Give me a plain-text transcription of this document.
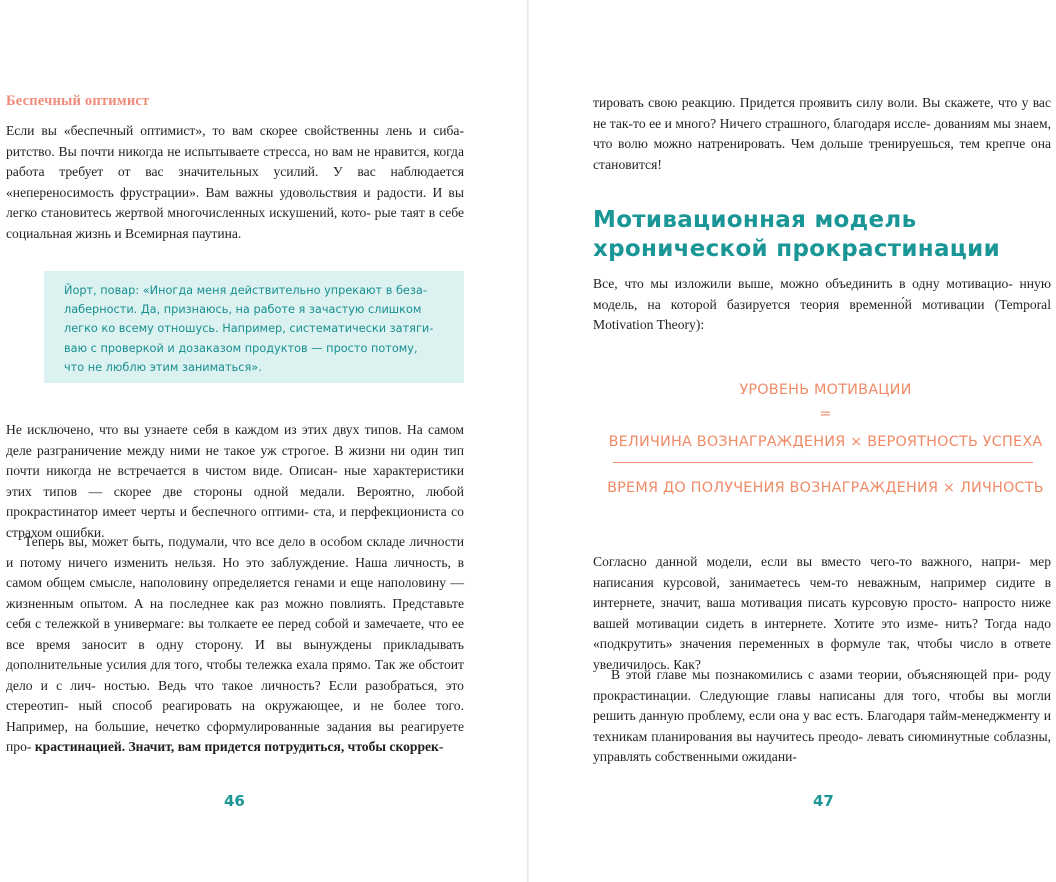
Беспечный оптимист

Если вы «беспечный оптимист», то вам скорее свойственны лень и сиба- ритство. Вы почти никогда не испытываете стресса, но вам не нравится, когда работа требует от вас значительных усилий. У вас наблюдается «непереносимость фрустрации». Вам важны удовольствия и радости. И вы легко становитесь жертвой многочисленных искушений, кото- рые таят в себе социальная жизнь и Всемирная паутина.

Йорт, повар: «Иногда меня действительно упрекают в беза-
лаберности. Да, признаюсь, на работе я зачастую слишком
легко ко всему отношусь. Например, систематически затяги-
ваю с проверкой и дозаказом продуктов — просто потому,
что не люблю этим заниматься».

Не исключено, что вы узнаете себя в каждом из этих двух типов. На самом деле разграничение между ними не такое уж строгое. В жизни ни один тип почти никогда не встречается в чистом виде. Описан- ные характеристики этих типов — скорее две стороны одной медали. Вероятно, любой прокрастинатор имеет черты и беспечного оптими- ста, и перфекциониста со страхом ошибки.

Теперь вы, может быть, подумали, что все дело в особом складе личности и потому ничего изменить нельзя. Но это заблуждение. Наша личность, в самом общем смысле, наполовину определяется генами и еще наполовину — жизненным опытом. А на последнее как раз можно повлиять. Представьте себя с тележкой в универмаге: вы толкаете ее перед собой и замечаете, что ее все время заносит в одну сторону. И вы вынуждены прикладывать дополнительные усилия для того, чтобы тележка ехала прямо. Так же обстоит дело и с лич- ностью. Ведь что такое личность? Если разобраться, это стереотип- ный способ реагировать на окружающее, и не более того. Например, на большие, нечетко сформулированные задания вы реагируете про- крастинацией. Значит, вам придется потрудиться, чтобы скоррек-

46

тировать свою реакцию. Придется проявить силу воли. Вы скажете, что у вас не так-то ее и много? Ничего страшного, благодаря иссле- дованиям мы знаем, что волю можно натренировать. Чем дольше тренируешься, тем крепче она становится!

Мотивационная модель
хронической прокрастинации

Все, что мы изложили выше, можно объединить в одну мотивацио- нную модель, на которой базируется теория временно́й мотивации (Temporal Motivation Theory):

УРОВЕНЬ МОТИВАЦИИ

=

ВЕЛИЧИНА ВОЗНАГРАЖДЕНИЯ × ВЕРОЯТНОСТЬ УСПЕХА

ВРЕМЯ ДО ПОЛУЧЕНИЯ ВОЗНАГРАЖДЕНИЯ × ЛИЧНОСТЬ

Согласно данной модели, если вы вместо чего-то важного, напри- мер написания курсовой, занимаетесь чем-то неважным, например сидите в интернете, значит, ваша мотивация писать курсовую просто- напросто ниже вашей мотивации сидеть в интернете. Хотите это изме- нить? Тогда надо «подкрутить» значения переменных в формуле так, чтобы число в ответе увеличилось. Как?

В этой главе мы познакомились с азами теории, объясняющей при- роду прокрастинации. Следующие главы написаны для того, чтобы вы могли решить данную проблему, если она у вас есть. Благодаря тайм-менеджменту и техникам планирования вы научитесь преодо- левать сиюминутные соблазны, управлять собственными ожидани-

47
